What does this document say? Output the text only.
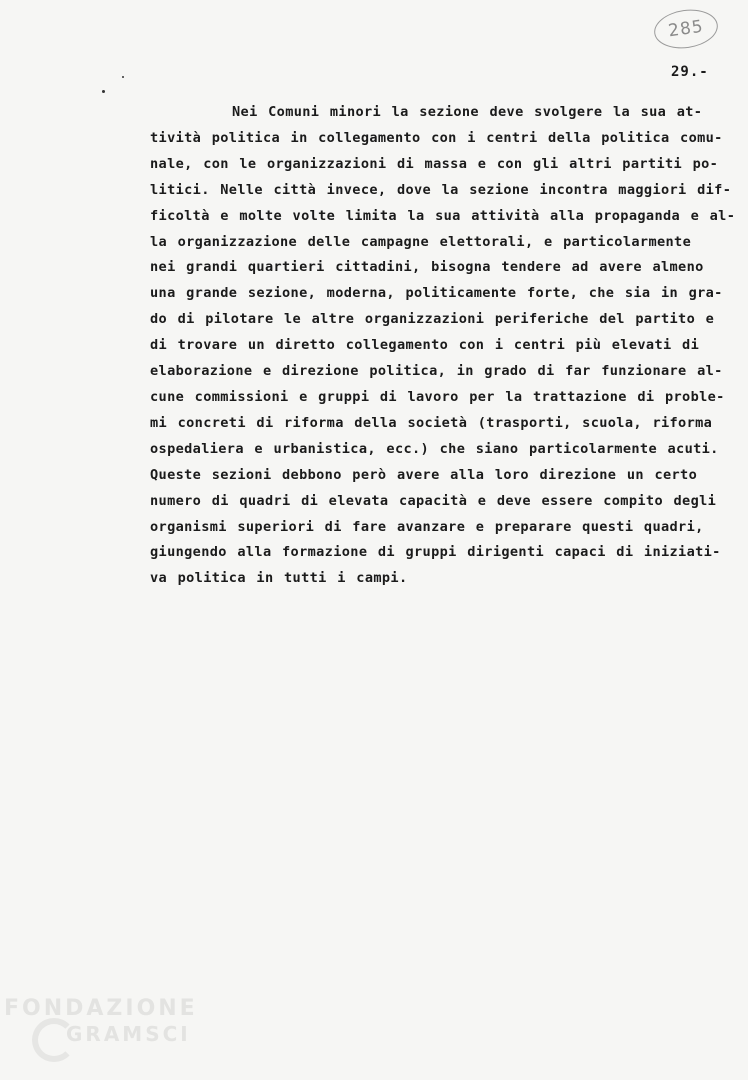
285
29.-

Nei Comuni minori la sezione deve svolgere la sua at-
tività politica in collegamento con i centri della politica comu-
nale, con le organizzazioni di massa e con gli altri partiti po-
litici. Nelle città invece, dove la sezione incontra maggiori dif-
ficoltà e molte volte limita la sua attività alla propaganda e al-
la organizzazione delle campagne elettorali, e particolarmente
nei grandi quartieri cittadini, bisogna tendere ad avere almeno
una grande sezione, moderna, politicamente forte, che sia in gra-
do di pilotare le altre organizzazioni periferiche del partito e
di trovare un diretto collegamento con i centri più elevati di
elaborazione e direzione politica, in grado di far funzionare al-
cune commissioni e gruppi di lavoro per la trattazione di proble-
mi concreti di riforma della società (trasporti, scuola, riforma
ospedaliera e urbanistica, ecc.) che siano particolarmente acuti.
Queste sezioni debbono però avere alla loro direzione un certo
numero di quadri di elevata capacità e deve essere compito degli
organismi superiori di fare avanzare e preparare questi quadri,
giungendo alla formazione di gruppi dirigenti capaci di iniziati-
va politica in tutti i campi.

FONDAZIONE
GRAMSCI
